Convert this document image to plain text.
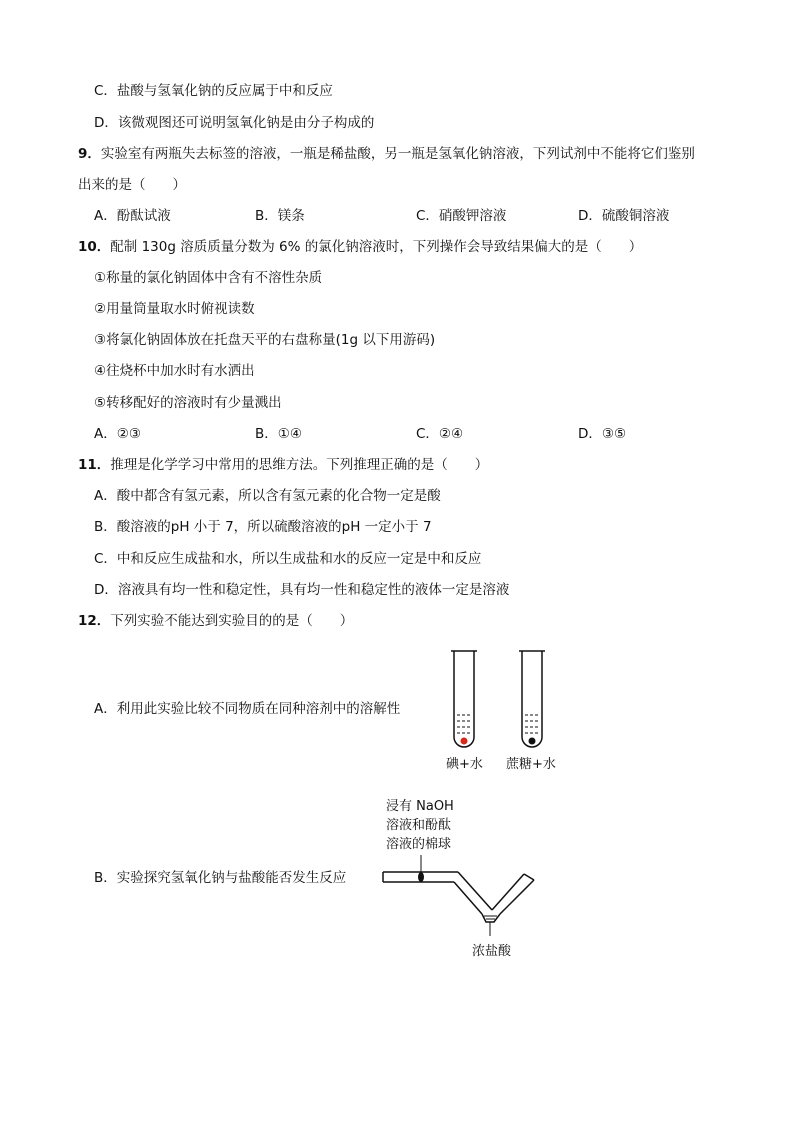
C．盐酸与氢氧化钠的反应属于中和反应
D．该微观图还可说明氢氧化钠是由分子构成的
9．实验室有两瓶失去标签的溶液，一瓶是稀盐酸，另一瓶是氢氧化钠溶液，下列试剂中不能将它们鉴别
出来的是（　　）
A．酚酞试液	B．镁条	C．硝酸钾溶液	D．硫酸铜溶液
10．配制 130g 溶质质量分数为 6% 的氯化钠溶液时，下列操作会导致结果偏大的是（　　）
①称量的氯化钠固体中含有不溶性杂质
②用量筒量取水时俯视读数
③将氯化钠固体放在托盘天平的右盘称量(1g 以下用游码)
④往烧杯中加水时有水洒出
⑤转移配好的溶液时有少量溅出
A．②③	B．①④	C．②④	D．③⑤
11．推理是化学学习中常用的思维方法。下列推理正确的是（　　）
A．酸中都含有氢元素，所以含有氢元素的化合物一定是酸
B．酸溶液的pH 小于 7，所以硫酸溶液的pH 一定小于 7
C．中和反应生成盐和水，所以生成盐和水的反应一定是中和反应
D．溶液具有均一性和稳定性，具有均一性和稳定性的液体一定是溶液
12．下列实验不能达到实验目的的是（　　）
A．利用此实验比较不同物质在同种溶剂中的溶解性
碘+水 蔗糖+水
浸有 NaOH
溶液和酚酞
溶液的棉球
B．实验探究氢氧化钠与盐酸能否发生反应
浓盐酸
